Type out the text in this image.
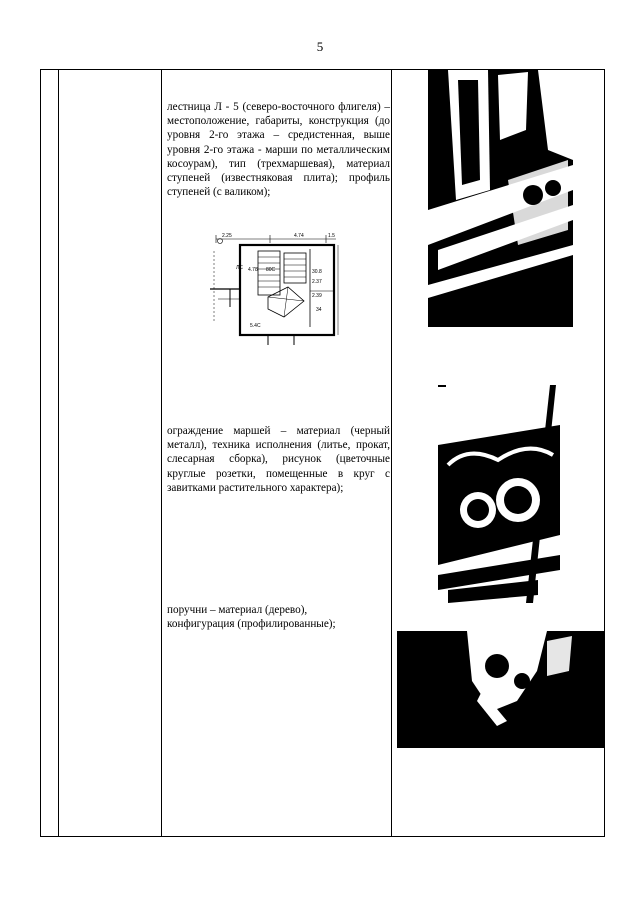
5
лестница Л - 5 (северо-восточного флигеля) – местоположение, габариты, конструкция (до уровня 2-го этажа – средистенная, выше уровня 2-го этажа - марши по металлическим косоурам), тип (трехмаршевая), материал ступеней (известняковая плита); профиль ступеней (с валиком);
ограждение маршей – материал (черный металл), техника исполнения (литье, прокат, слесарная сборка), рисунок (цветочные круглые розетки, помещенные в круг с завитками растительного характера);
поручни – материал (дерево), конфигурация (профилированные);
2.25	4.74	1.5
ЛС 4.78 80С	30.8
2.37
2.39
34
5.4С
